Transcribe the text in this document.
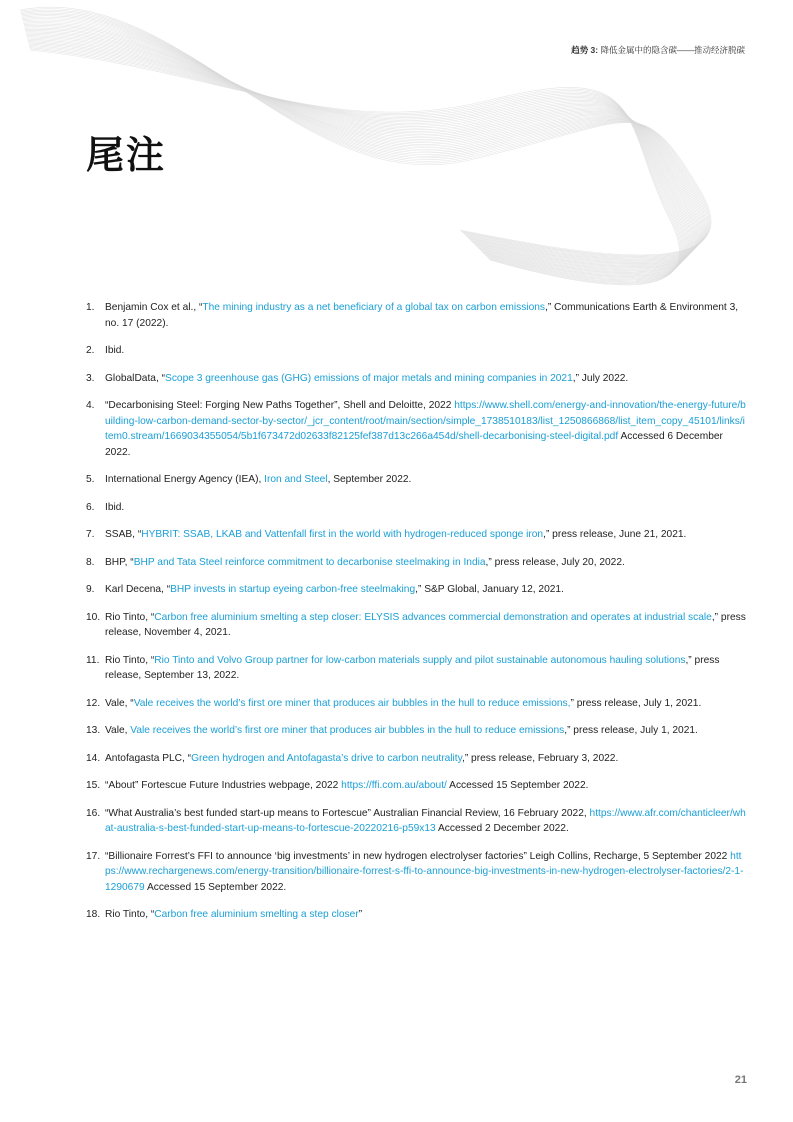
趋势 3: 降低金属中的隐含碳——推动经济脱碳
尾注
1. Benjamin Cox et al., “The mining industry as a net beneficiary of a global tax on carbon emissions,” Communications Earth & Environment 3, no. 17 (2022).
2. Ibid.
3. GlobalData, “Scope 3 greenhouse gas (GHG) emissions of major metals and mining companies in 2021,” July 2022.
4. “Decarbonising Steel: Forging New Paths Together”, Shell and Deloitte, 2022 https://www.shell.com/energy-and-innovation/the-energy-future/building-low-carbon-demand-sector-by-sector/_jcr_content/root/main/section/simple_1738510183/list_1250866868/list_item_copy_45101/links/item0.stream/1669034355054/5b1f673472d02633f82125fef387d13c266a454d/shell-decarbonising-steel-digital.pdf Accessed 6 December 2022.
5. International Energy Agency (IEA), Iron and Steel, September 2022.
6. Ibid.
7. SSAB, “HYBRIT: SSAB, LKAB and Vattenfall first in the world with hydrogen-reduced sponge iron,” press release, June 21, 2021.
8. BHP, “BHP and Tata Steel reinforce commitment to decarbonise steelmaking in India,” press release, July 20, 2022.
9. Karl Decena, “BHP invests in startup eyeing carbon-free steelmaking,” S&P Global, January 12, 2021.
10. Rio Tinto, “Carbon free aluminium smelting a step closer: ELYSIS advances commercial demonstration and operates at industrial scale,” press release, November 4, 2021.
11. Rio Tinto, “Rio Tinto and Volvo Group partner for low-carbon materials supply and pilot sustainable autonomous hauling solutions,” press release, September 13, 2022.
12. Vale, “Vale receives the world’s first ore miner that produces air bubbles in the hull to reduce emissions,” press release, July 1, 2021.
13. Vale, Vale receives the world’s first ore miner that produces air bubbles in the hull to reduce emissions,” press release, July 1, 2021.
14. Antofagasta PLC, “Green hydrogen and Antofagasta’s drive to carbon neutrality,” press release, February 3, 2022.
15. “About” Fortescue Future Industries webpage, 2022 https://ffi.com.au/about/ Accessed 15 September 2022.
16. “What Australia’s best funded start-up means to Fortescue” Australian Financial Review, 16 February 2022, https://www.afr.com/chanticleer/what-australia-s-best-funded-start-up-means-to-fortescue-20220216-p59x13 Accessed 2 December 2022.
17. “Billionaire Forrest’s FFI to announce ‘big investments’ in new hydrogen electrolyser factories” Leigh Collins, Recharge, 5 September 2022 https://www.rechargenews.com/energy-transition/billionaire-forrest-s-ffi-to-announce-big-investments-in-new-hydrogen-electrolyser-factories/2-1-1290679 Accessed 15 September 2022.
18. Rio Tinto, “Carbon free aluminium smelting a step closer”
21
